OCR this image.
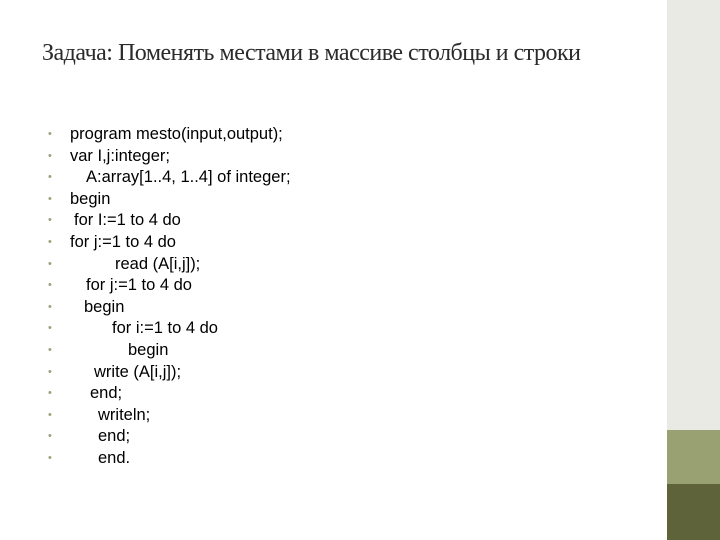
Задача: Поменять местами в массиве столбцы и строки
• program mesto(input,output);
• var I,j:integer;
• A:array[1..4, 1..4] of integer;
• begin
• for I:=1 to 4 do
• for j:=1 to 4 do
•	read (A[i,j]);
• for j:=1 to 4 do
• begin
•	for i:=1 to 4 do
•	begin
•	write (A[i,j]);
• end;
•	writeln;
•	end;
•	end.
